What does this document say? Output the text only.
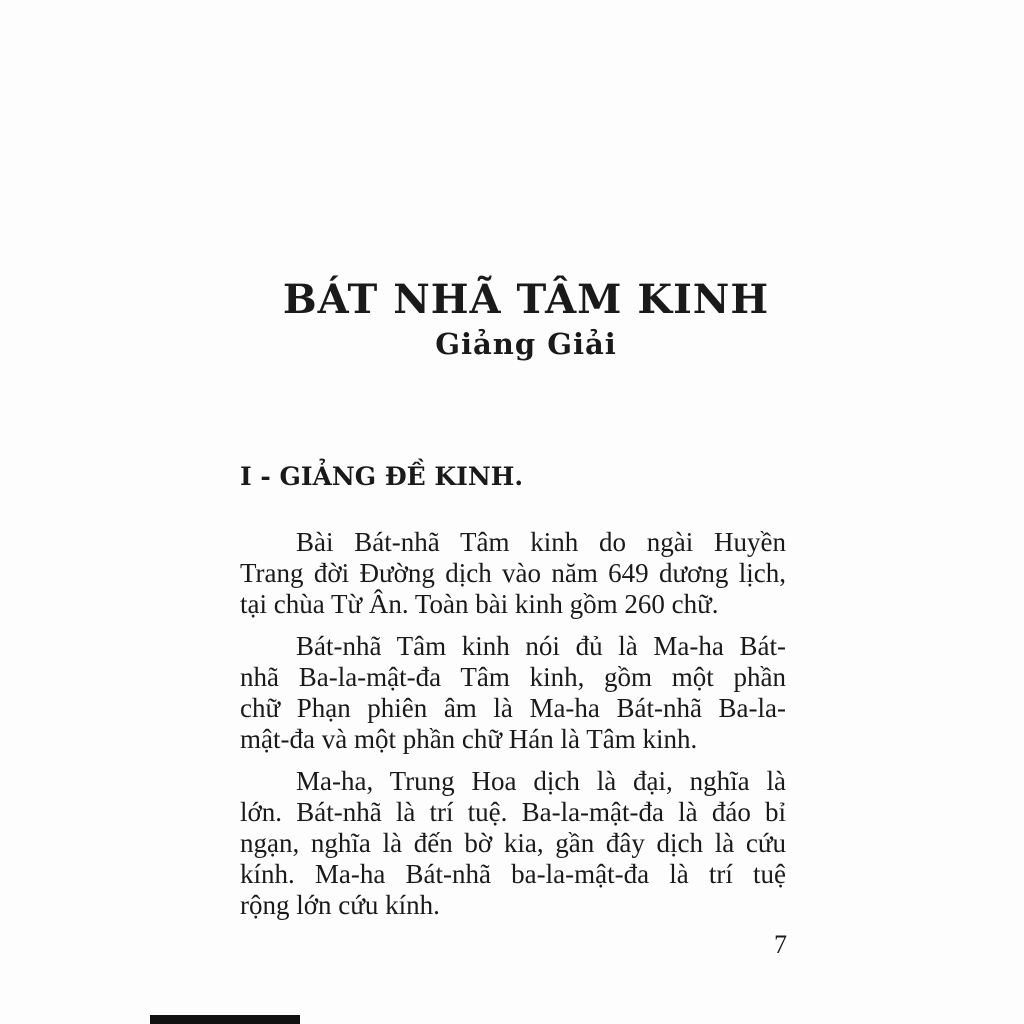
BÁT NHÃ TÂM KINH
Giảng Giải
I - GIẢNG ĐỀ KINH.
Bài Bát-nhã Tâm kinh do ngài Huyền
Trang đời Đường dịch vào năm 649 dương lịch,
tại chùa Từ Ân. Toàn bài kinh gồm 260 chữ.
Bát-nhã Tâm kinh nói đủ là Ma-ha Bát-
nhã Ba-la-mật-đa Tâm kinh, gồm một phần
chữ Phạn phiên âm là Ma-ha Bát-nhã Ba-la-
mật-đa và một phần chữ Hán là Tâm kinh.
Ma-ha, Trung Hoa dịch là đại, nghĩa là
lớn. Bát-nhã là trí tuệ. Ba-la-mật-đa là đáo bỉ
ngạn, nghĩa là đến bờ kia, gần đây dịch là cứu
kính. Ma-ha Bát-nhã ba-la-mật-đa là trí tuệ
rộng lớn cứu kính.
7
